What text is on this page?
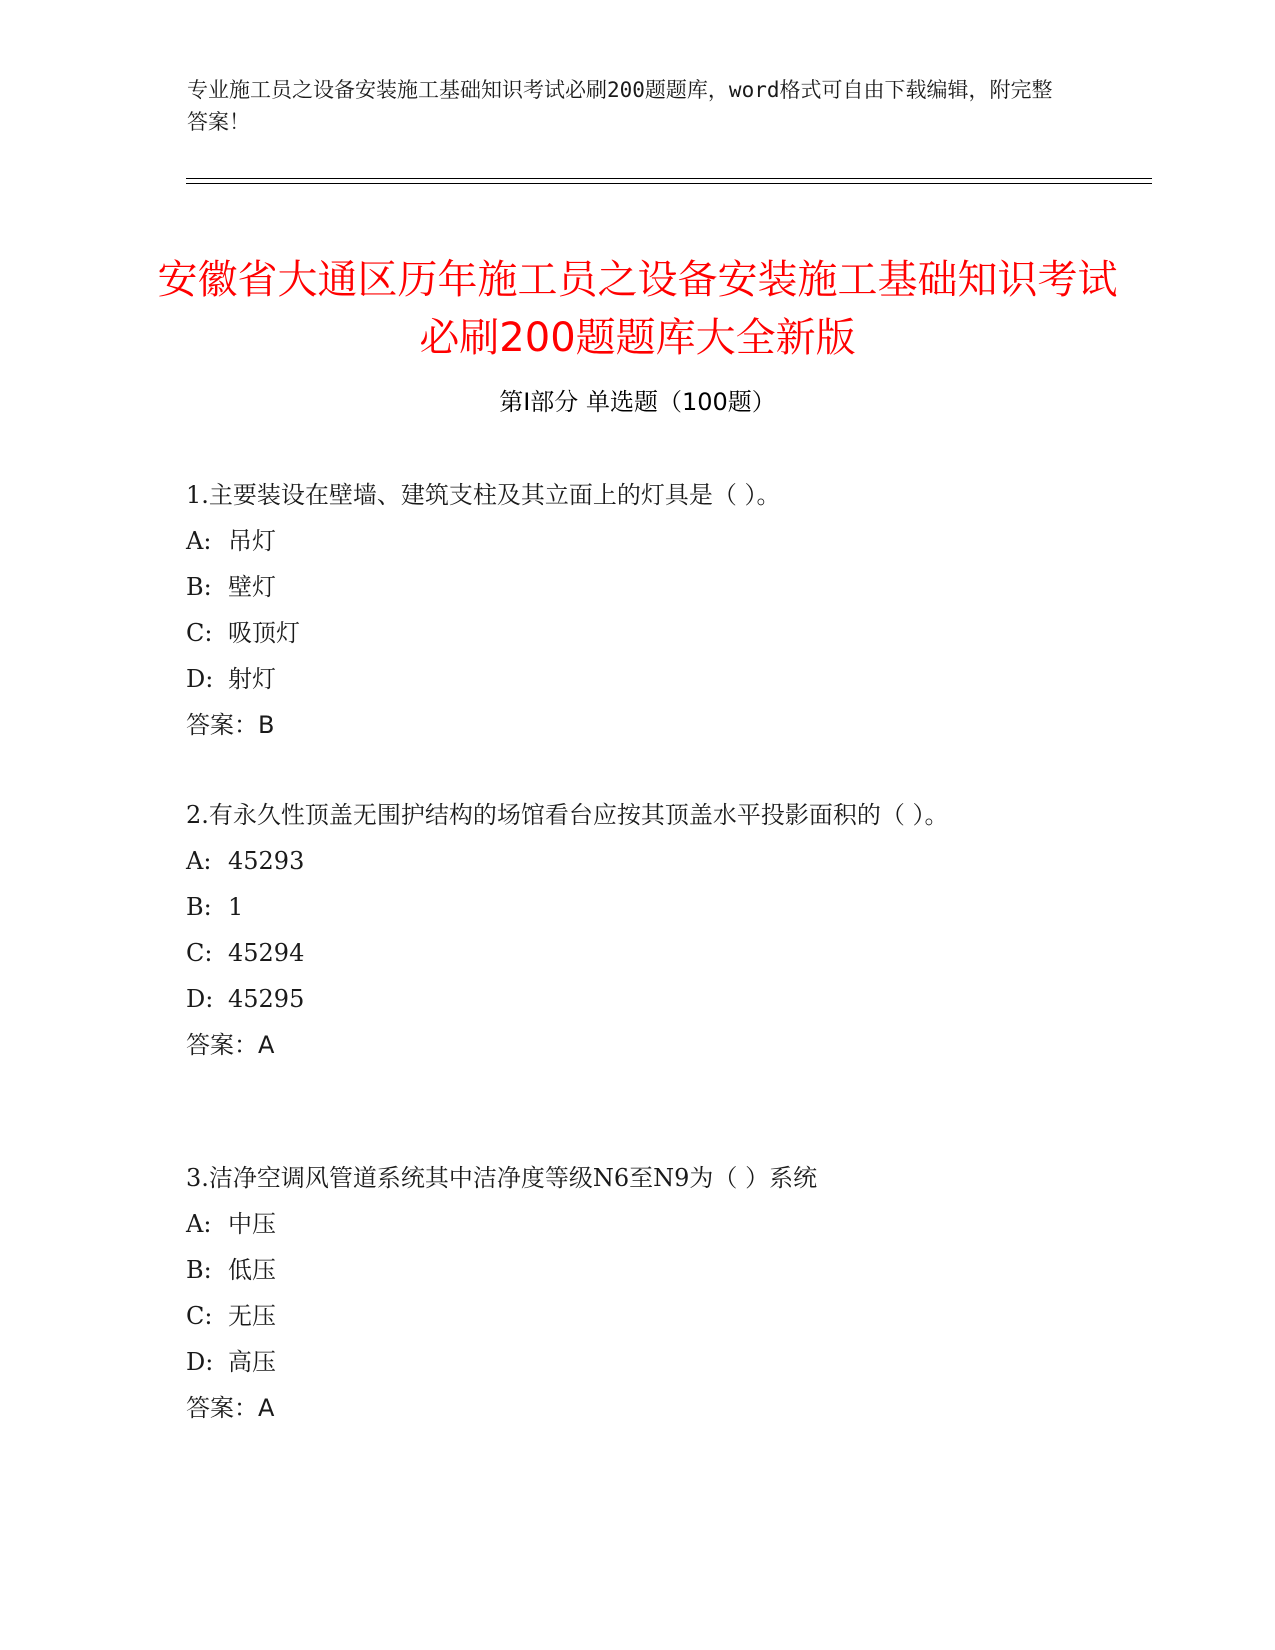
专业施工员之设备安装施工基础知识考试必刷200题题库，word格式可自由下载编辑，附完整答案！
安徽省大通区历年施工员之设备安装施工基础知识考试必刷200题题库大全新版
第Ⅰ部分 单选题（100题）

1.主要装设在壁墙、建筑支柱及其立面上的灯具是（ ）。

A: 吊灯

B: 壁灯

C: 吸顶灯

D: 射灯

答案：B

2.有永久性顶盖无围护结构的场馆看台应按其顶盖水平投影面积的（ ）。

A: 45293

B: 1

C: 45294

D: 45295

答案：A

3.洁净空调风管道系统其中洁净度等级N6至N9为（ ）系统

A: 中压

B: 低压

C: 无压

D: 高压

答案：A
